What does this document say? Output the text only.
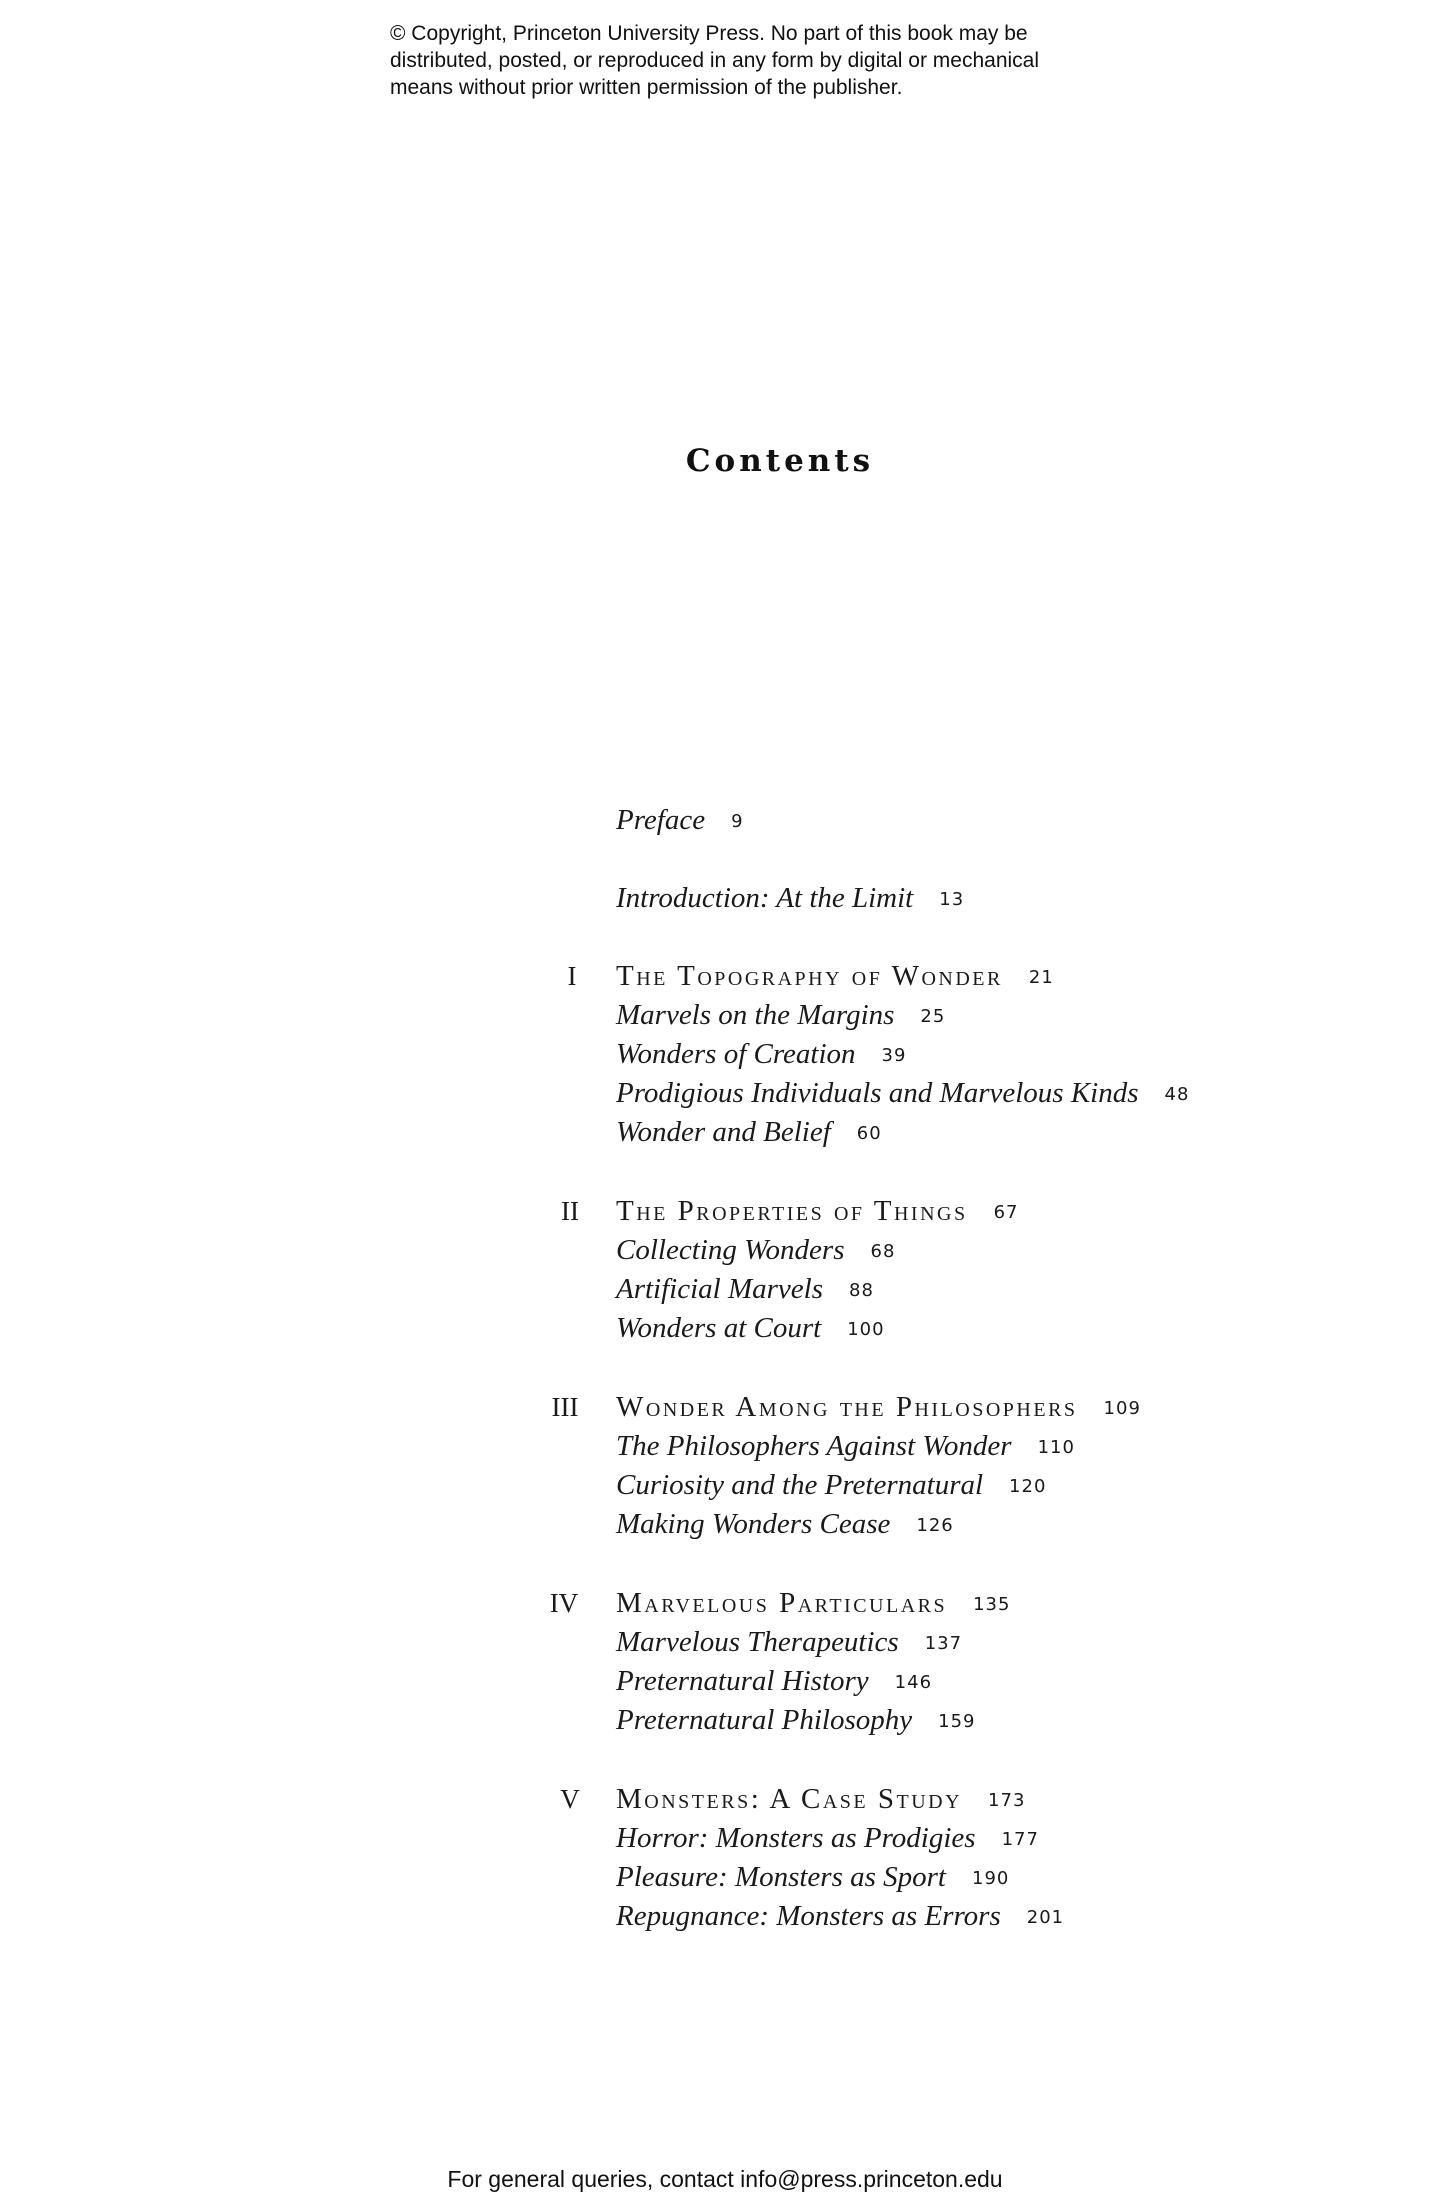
© Copyright, Princeton University Press. No part of this book may be
distributed, posted, or reproduced in any form by digital or mechanical
means without prior written permission of the publisher.
Contents
Preface 9
Introduction: At the Limit 13
I	The Topography of Wonder 21
Marvels on the Margins 25
Wonders of Creation 39
Prodigious Individuals and Marvelous Kinds 48
Wonder and Belief 60
II	The Properties of Things 67
Collecting Wonders 68
Artificial Marvels 88
Wonders at Court 100
III	Wonder Among the Philosophers 109
The Philosophers Against Wonder 110
Curiosity and the Preternatural 120
Making Wonders Cease 126
IV	Marvelous Particulars 135
Marvelous Therapeutics 137
Preternatural History 146
Preternatural Philosophy 159
V	Monsters: A Case Study 173
Horror: Monsters as Prodigies 177
Pleasure: Monsters as Sport 190
Repugnance: Monsters as Errors 201
For general queries, contact info@press.princeton.edu
